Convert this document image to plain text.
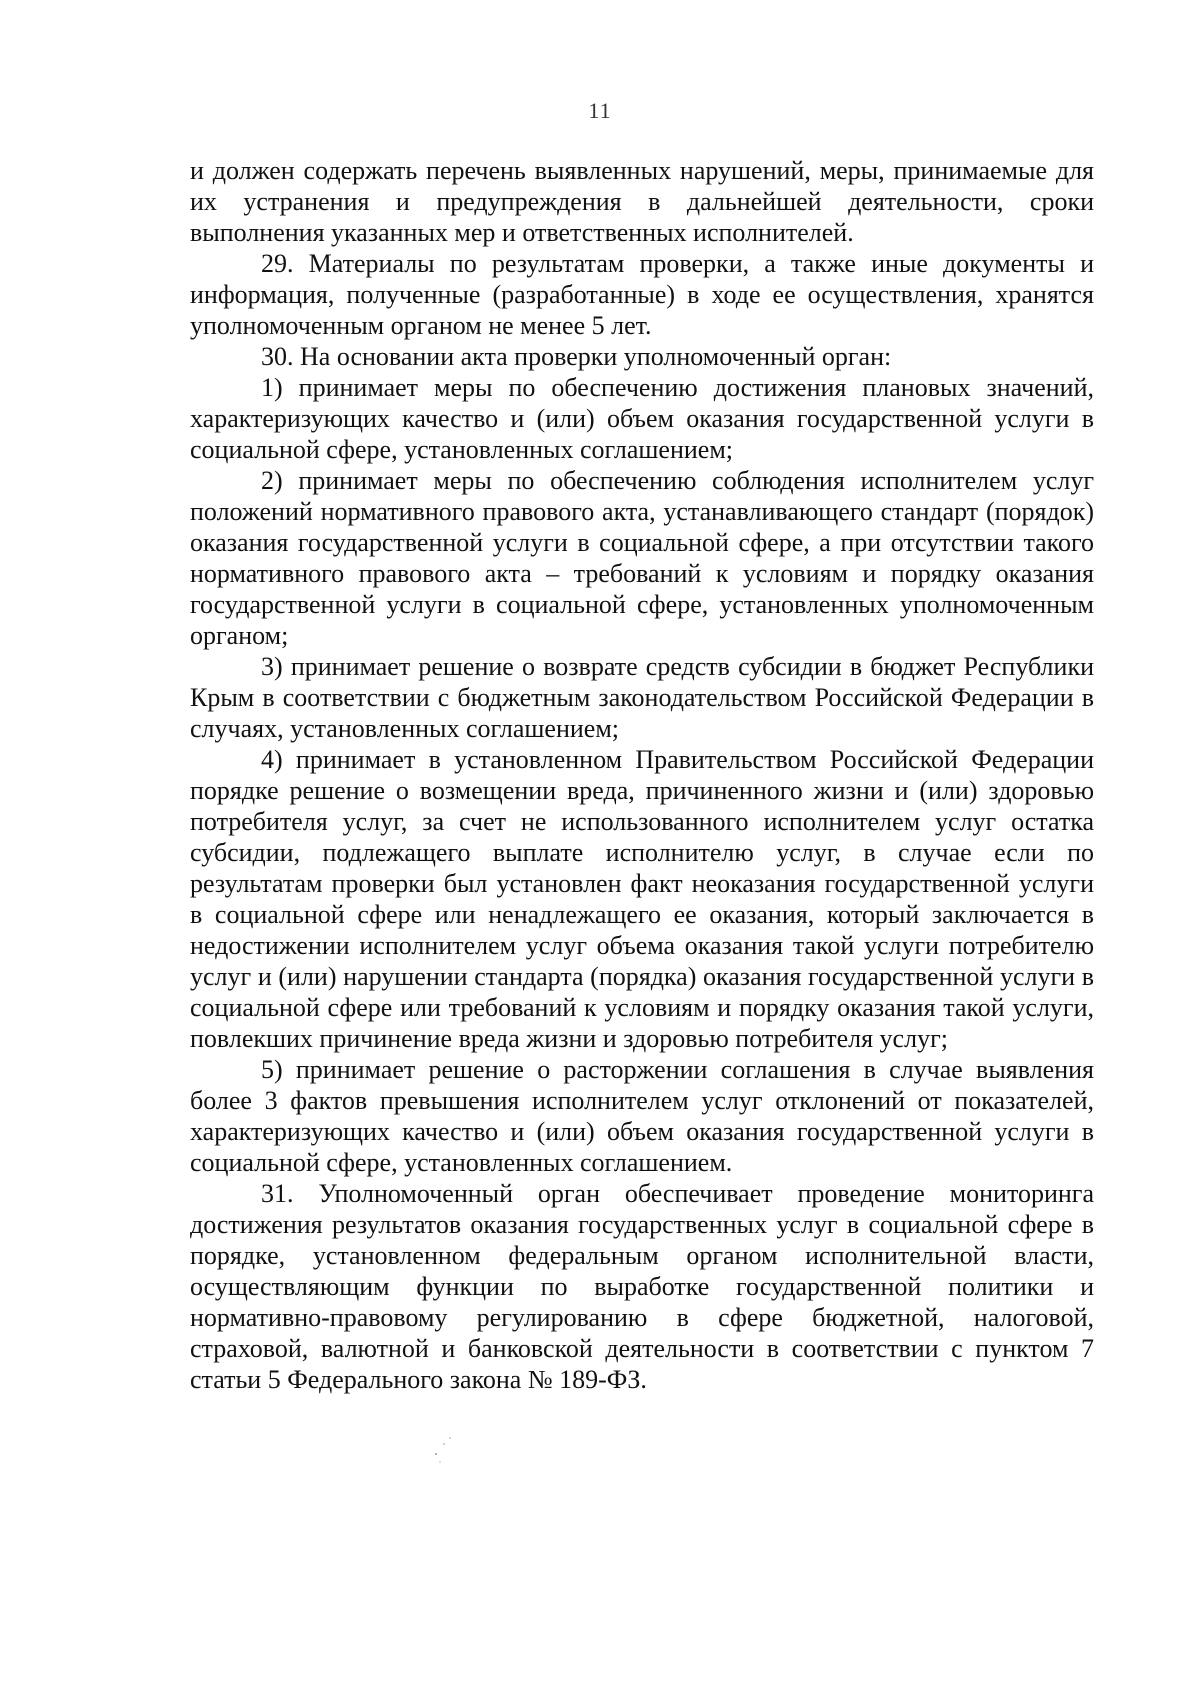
11

и должен содержать перечень выявленных нарушений, меры, принимаемые для их устранения и предупреждения в дальнейшей деятельности, сроки выполнения указанных мер и ответственных исполнителей.

29. Материалы по результатам проверки, а также иные документы и информация, полученные (разработанные) в ходе ее осуществления, хранятся уполномоченным органом не менее 5 лет.

30. На основании акта проверки уполномоченный орган:

1) принимает меры по обеспечению достижения плановых значений, характеризующих качество и (или) объем оказания государственной услуги в социальной сфере, установленных соглашением;

2) принимает меры по обеспечению соблюдения исполнителем услуг положений нормативного правового акта, устанавливающего стандарт (порядок) оказания государственной услуги в социальной сфере, а при отсутствии такого нормативного правового акта – требований к условиям и порядку оказания государственной услуги в социальной сфере, установленных уполномоченным органом;

3) принимает решение о возврате средств субсидии в бюджет Республики Крым в соответствии с бюджетным законодательством Российской Федерации в случаях, установленных соглашением;

4) принимает в установленном Правительством Российской Федерации порядке решение о возмещении вреда, причиненного жизни и (или) здоровью потребителя услуг, за счет не использованного исполнителем услуг остатка субсидии, подлежащего выплате исполнителю услуг, в случае если по результатам проверки был установлен факт неоказания государственной услуги в социальной сфере или ненадлежащего ее оказания, который заключается в недостижении исполнителем услуг объема оказания такой услуги потребителю услуг и (или) нарушении стандарта (порядка) оказания государственной услуги в социальной сфере или требований к условиям и порядку оказания такой услуги, повлекших причинение вреда жизни и здоровью потребителя услуг;

5) принимает решение о расторжении соглашения в случае выявления более 3 фактов превышения исполнителем услуг отклонений от показателей, характеризующих качество и (или) объем оказания государственной услуги в социальной сфере, установленных соглашением.

31. Уполномоченный орган обеспечивает проведение мониторинга достижения результатов оказания государственных услуг в социальной сфере в порядке, установленном федеральным органом исполнительной власти, осуществляющим функции по выработке государственной политики и нормативно-правовому регулированию в сфере бюджетной, налоговой, страховой, валютной и банковской деятельности в соответствии с пунктом 7 статьи 5 Федерального закона № 189-ФЗ.
